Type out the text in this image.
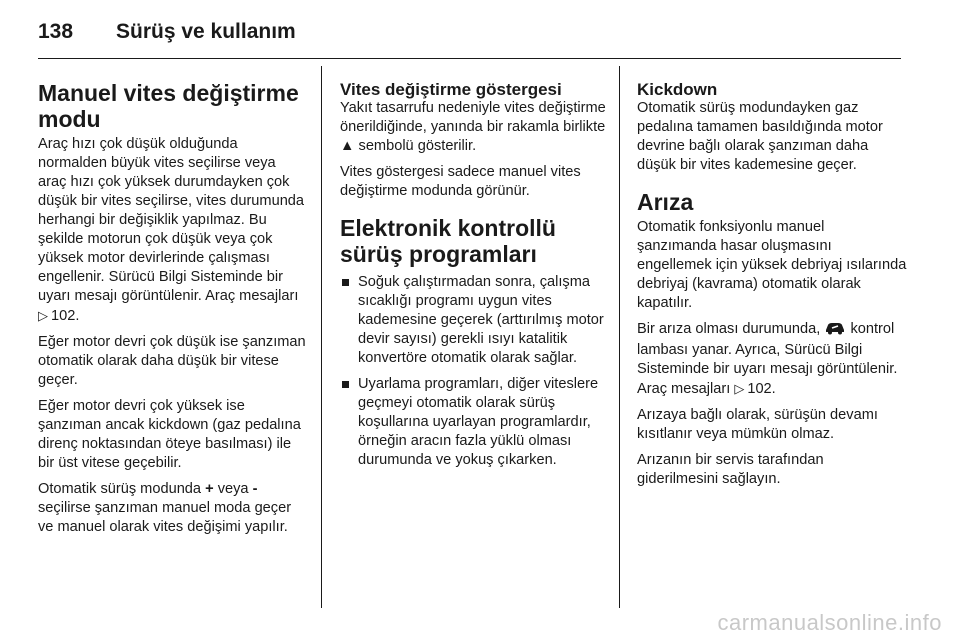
138	Sürüş ve kullanım
Manuel vites değiştirme modu

Araç hızı çok düşük olduğunda normalden büyük vites seçilirse veya araç hızı çok yüksek durumdayken çok düşük bir vites seçilirse, vites durumunda herhangi bir değişiklik yapılmaz. Bu şekilde motorun çok düşük veya çok yüksek motor devirlerinde çalışması engellenir. Sürücü Bilgi Sisteminde bir uyarı mesajı görüntülenir. Araç mesajları
▷ 102.

Eğer motor devri çok düşük ise şanzıman otomatik olarak daha düşük bir vitese geçer.

Eğer motor devri çok yüksek ise şanzıman ancak kickdown (gaz pedalına direnç noktasından öteye basılması) ile bir üst vitese geçebilir.

Otomatik sürüş modunda + veya - seçilirse şanzıman manuel moda geçer ve manuel olarak vites değişimi yapılır.

Vites değiştirme göstergesi

Yakıt tasarrufu nedeniyle vites değiştirme önerildiğinde, yanında bir rakamla birlikte ▲ sembolü gösterilir.

Vites göstergesi sadece manuel vites değiştirme modunda görünür.

Elektronik kontrollü sürüş programları
Soğuk çalıştırmadan sonra, çalışma sıcaklığı programı uygun vites kademesine geçerek (arttırılmış motor devir sayısı) gerekli ısıyı katalitik konvertöre otomatik olarak sağlar.
Uyarlama programları, diğer viteslere geçmeyi otomatik olarak sürüş koşullarına uyarlayan programlardır, örneğin aracın fazla yüklü olması durumunda ve yokuş çıkarken.
Kickdown

Otomatik sürüş modundayken gaz pedalına tamamen basıldığında motor devrine bağlı olarak şanzıman daha düşük bir vites kademesine geçer.

Arıza

Otomatik fonksiyonlu manuel şanzımanda hasar oluşmasını engellemek için yüksek debriyaj ısılarında debriyaj (kavrama) otomatik olarak kapatılır.

Bir arıza olması durumunda, kontrol lambası yanar. Ayrıca, Sürücü Bilgi Sisteminde bir uyarı mesajı görüntülenir. Araç mesajları ▷ 102.

Arızaya bağlı olarak, sürüşün devamı kısıtlanır veya mümkün olmaz.

Arızanın bir servis tarafından giderilmesini sağlayın.

carmanualsonline.info
